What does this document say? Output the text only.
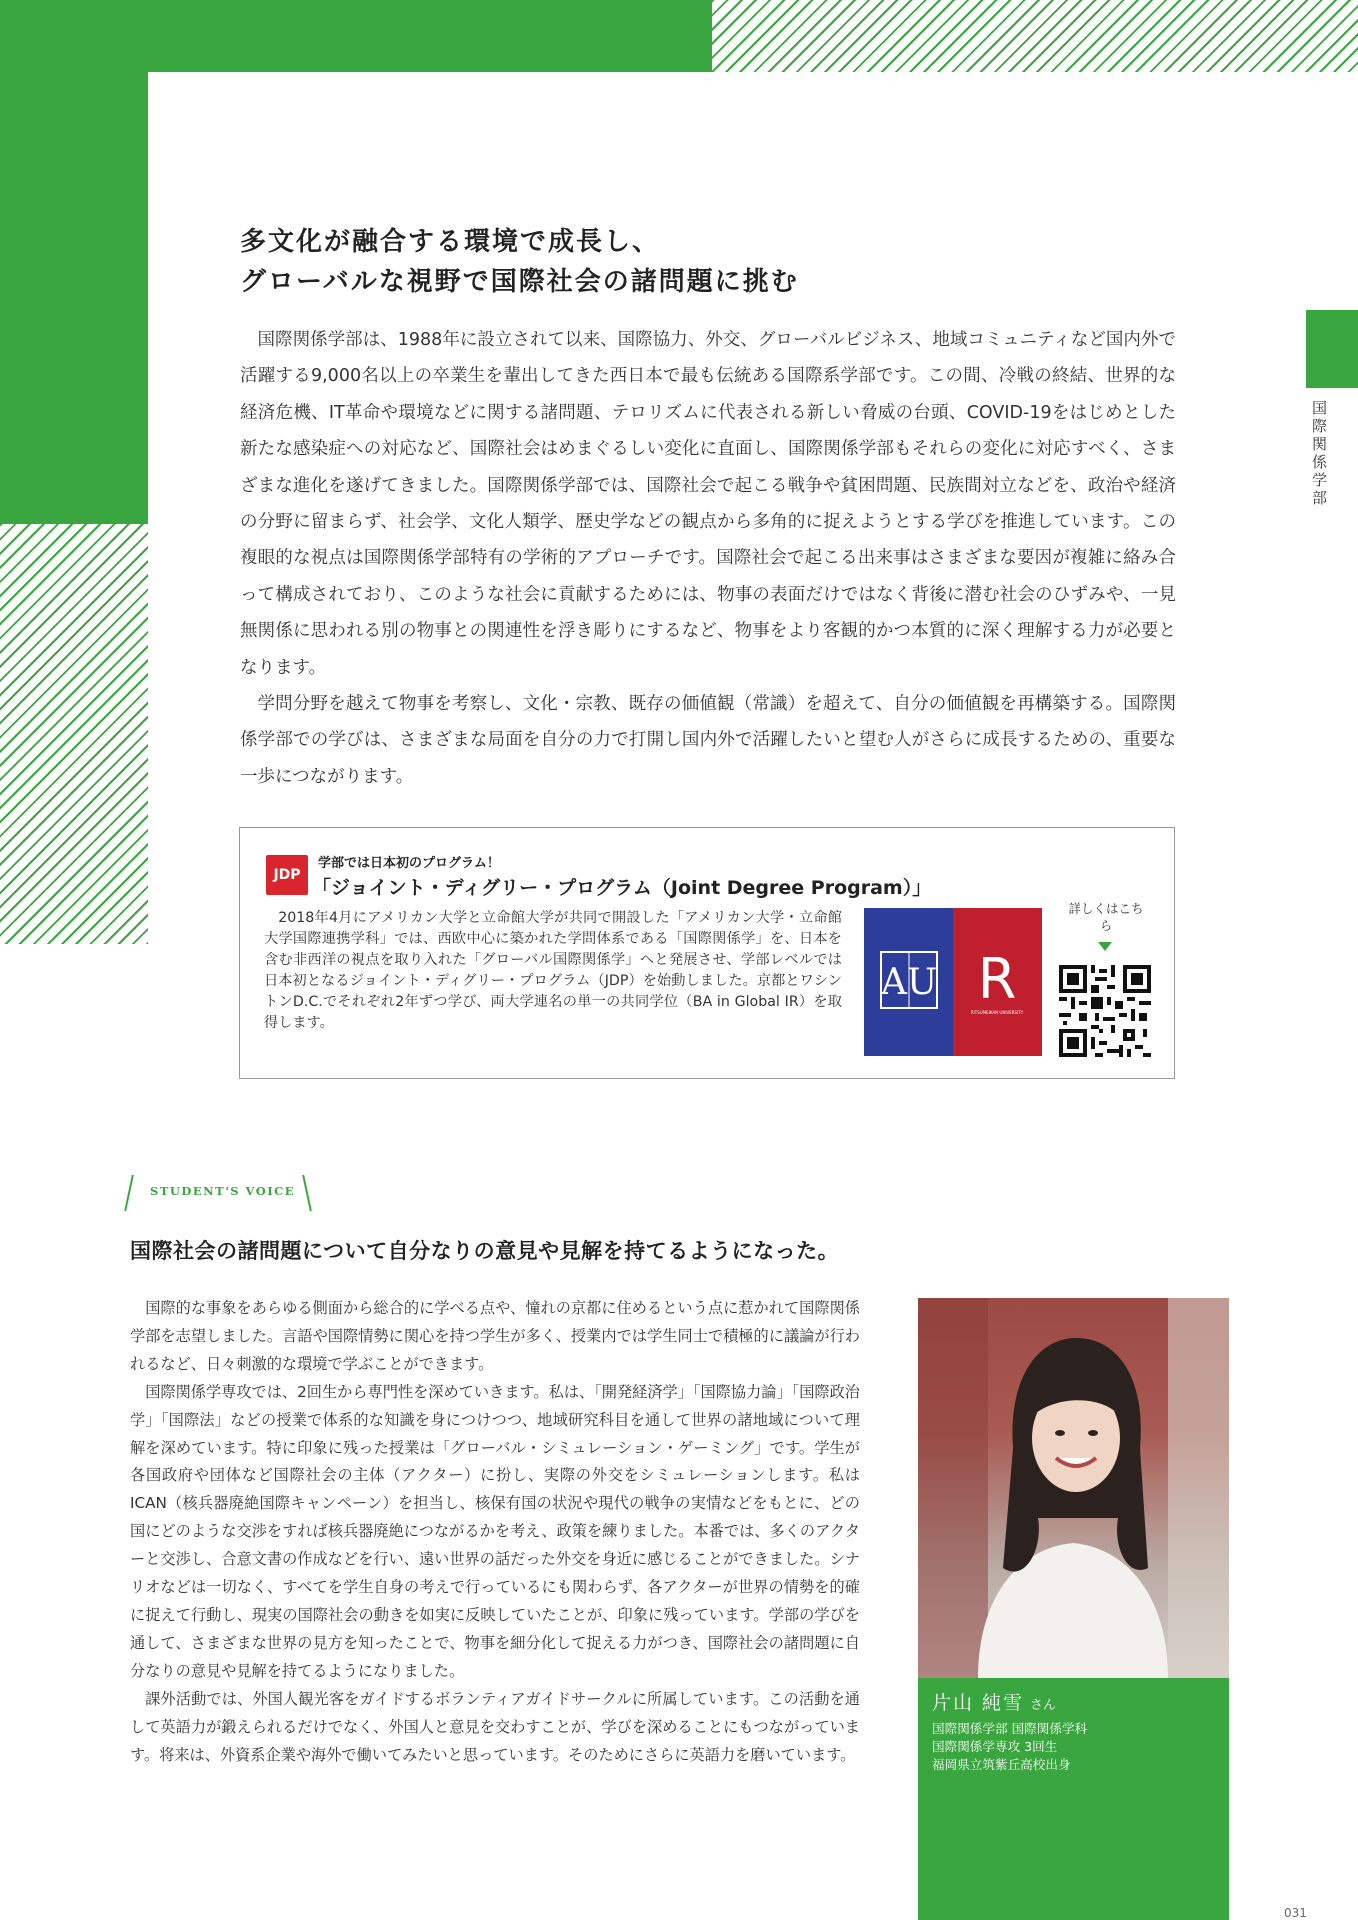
国際関係学部
多文化が融合する環境で成長し、
グローバルな視野で国際社会の諸問題に挑む

国際関係学部は、1988年に設立されて以来、国際協力、外交、グローバルビジネス、地域コミュニティなど国内外で活躍する9,000名以上の卒業生を輩出してきた西日本で最も伝統ある国際系学部です。この間、冷戦の終結、世界的な経済危機、IT革命や環境などに関する諸問題、テロリズムに代表される新しい脅威の台頭、COVID-19をはじめとした新たな感染症への対応など、国際社会はめまぐるしい変化に直面し、国際関係学部もそれらの変化に対応すべく、さまざまな進化を遂げてきました。国際関係学部では、国際社会で起こる戦争や貧困問題、民族間対立などを、政治や経済の分野に留まらず、社会学、文化人類学、歴史学などの観点から多角的に捉えようとする学びを推進しています。この複眼的な視点は国際関係学部特有の学術的アプローチです。国際社会で起こる出来事はさまざまな要因が複雑に絡み合って構成されており、このような社会に貢献するためには、物事の表面だけではなく背後に潜む社会のひずみや、一見無関係に思われる別の物事との関連性を浮き彫りにするなど、物事をより客観的かつ本質的に深く理解する力が必要となります。

学問分野を越えて物事を考察し、文化・宗教、既存の価値観（常識）を超えて、自分の価値観を再構築する。国際関係学部での学びは、さまざまな局面を自分の力で打開し国内外で活躍したいと望む人がさらに成長するための、重要な一歩につながります。

JDP
学部では日本初のプログラム！
「ジョイント・ディグリー・プログラム（Joint Degree Program）」

2018年4月にアメリカン大学と立命館大学が共同で開設した「アメリカン大学・立命館大学国際連携学科」では、西欧中心に築かれた学問体系である「国際関係学」を、日本を含む非西洋の視点を取り入れた「グローバル国際関係学」へと発展させ、学部レベルでは日本初となるジョイント・ディグリー・プログラム（JDP）を始動しました。京都とワシントンD.C.でそれぞれ2年ずつ学び、両大学連名の単一の共同学位（BA in Global IR）を取得します。

AU R
RITSUMEIKAN UNIVERSITY
詳しくはこちら
STUDENT'S VOICE
国際社会の諸問題について自分なりの意見や見解を持てるようになった。

国際的な事象をあらゆる側面から総合的に学べる点や、憧れの京都に住めるという点に惹かれて国際関係学部を志望しました。言語や国際情勢に関心を持つ学生が多く、授業内では学生同士で積極的に議論が行われるなど、日々刺激的な環境で学ぶことができます。

国際関係学専攻では、2回生から専門性を深めていきます。私は、「開発経済学」「国際協力論」「国際政治学」「国際法」などの授業で体系的な知識を身につけつつ、地域研究科目を通して世界の諸地域について理解を深めています。特に印象に残った授業は「グローバル・シミュレーション・ゲーミング」です。学生が各国政府や団体など国際社会の主体（アクター）に扮し、実際の外交をシミュレーションします。私はICAN（核兵器廃絶国際キャンペーン）を担当し、核保有国の状況や現代の戦争の実情などをもとに、どの国にどのような交渉をすれば核兵器廃絶につながるかを考え、政策を練りました。本番では、多くのアクターと交渉し、合意文書の作成などを行い、遠い世界の話だった外交を身近に感じることができました。シナリオなどは一切なく、すべてを学生自身の考えで行っているにも関わらず、各アクターが世界の情勢を的確に捉えて行動し、現実の国際社会の動きを如実に反映していたことが、印象に残っています。学部の学びを通して、さまざまな世界の見方を知ったことで、物事を細分化して捉える力がつき、国際社会の諸問題に自分なりの意見や見解を持てるようになりました。

課外活動では、外国人観光客をガイドするボランティアガイドサークルに所属しています。この活動を通して英語力が鍛えられるだけでなく、外国人と意見を交わすことが、学びを深めることにもつながっています。将来は、外資系企業や海外で働いてみたいと思っています。そのためにさらに英語力を磨いています。

片山 純雪 さん
国際関係学部 国際関係学科
国際関係学専攻 3回生
福岡県立筑紫丘高校出身
031
